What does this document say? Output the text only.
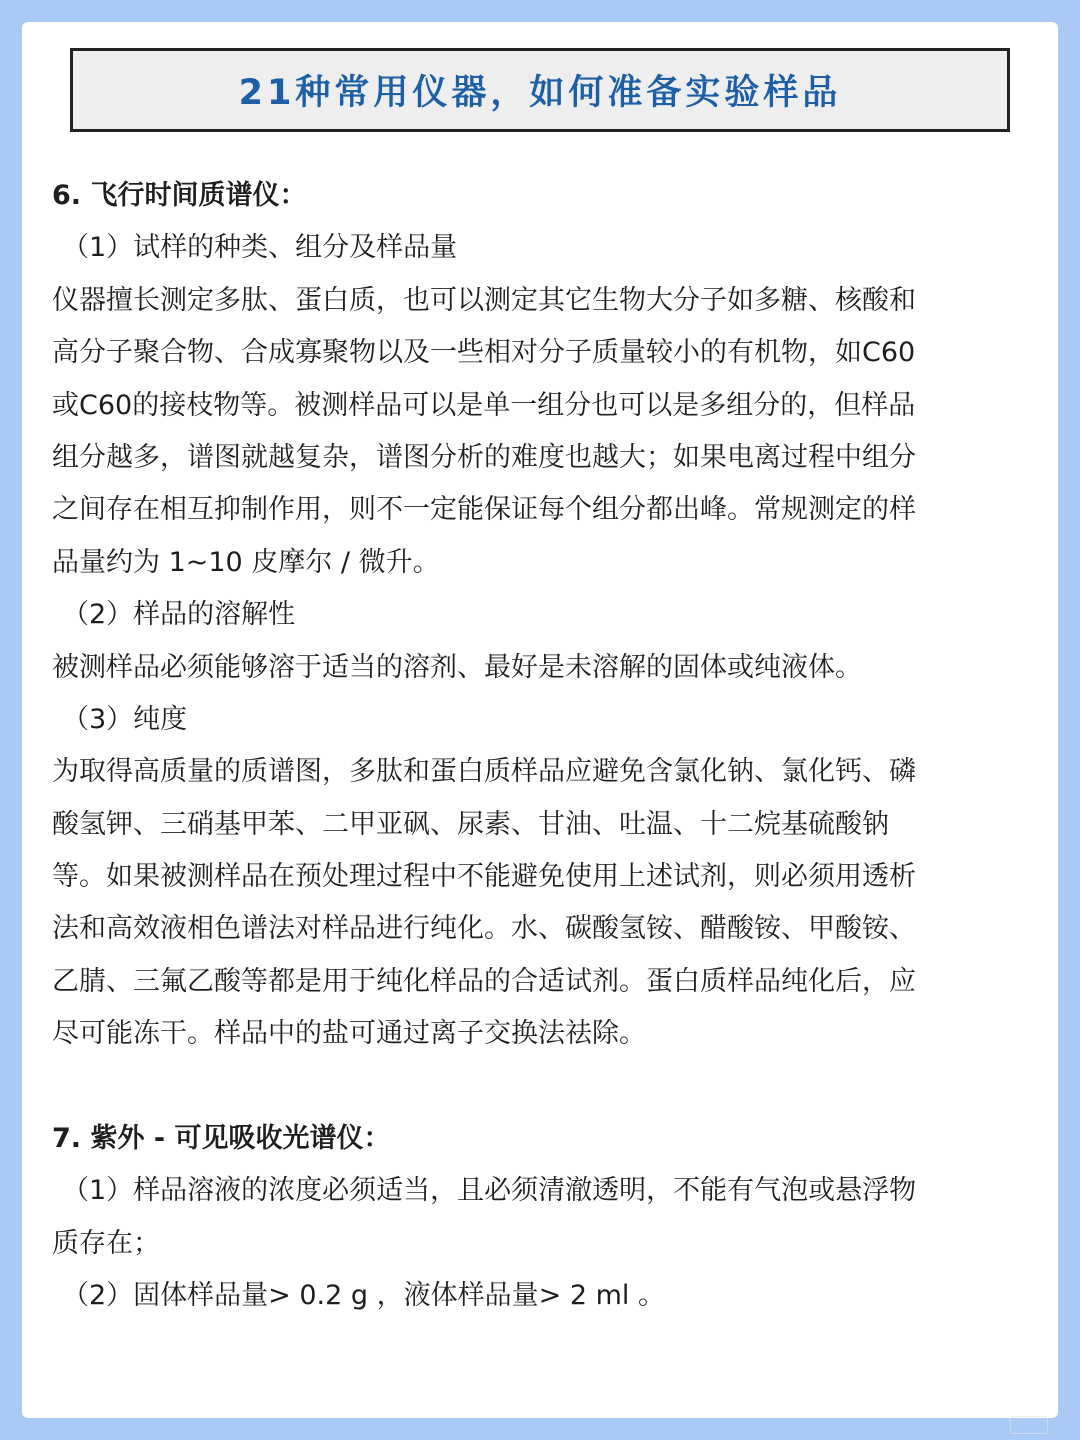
21种常用仪器，如何准备实验样品
6. 飞行时间质谱仪：
（1）试样的种类、组分及样品量
仪器擅长测定多肽、蛋白质，也可以测定其它生物大分子如多糖、核酸和
高分子聚合物、合成寡聚物以及一些相对分子质量较小的有机物，如C60
或C60的接枝物等。被测样品可以是单一组分也可以是多组分的，但样品
组分越多，谱图就越复杂，谱图分析的难度也越大；如果电离过程中组分
之间存在相互抑制作用，则不一定能保证每个组分都出峰。常规测定的样
品量约为 1~10 皮摩尔 / 微升。
（2）样品的溶解性
被测样品必须能够溶于适当的溶剂、最好是未溶解的固体或纯液体。
（3）纯度
为取得高质量的质谱图，多肽和蛋白质样品应避免含氯化钠、氯化钙、磷
酸氢钾、三硝基甲苯、二甲亚砜、尿素、甘油、吐温、十二烷基硫酸钠
等。如果被测样品在预处理过程中不能避免使用上述试剂，则必须用透析
法和高效液相色谱法对样品进行纯化。水、碳酸氢铵、醋酸铵、甲酸铵、
乙腈、三氟乙酸等都是用于纯化样品的合适试剂。蛋白质样品纯化后，应
尽可能冻干。样品中的盐可通过离子交换法祛除。
7. 紫外 - 可见吸收光谱仪：
（1）样品溶液的浓度必须适当，且必须清澈透明，不能有气泡或悬浮物
质存在；
（2）固体样品量> 0.2 g ，液体样品量> 2 ml 。
